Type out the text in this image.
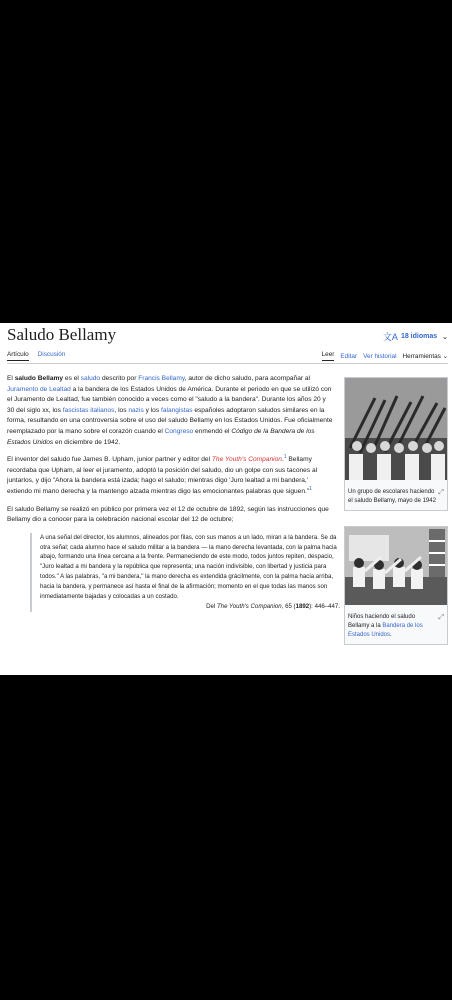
Saludo Bellamy	文A 18 idiomas ⌄
Artículo Discusión	Leer Editar Ver historial Herramientas ⌄
⤢
Un grupo de escolares haciendo el saludo Bellamy, mayo de 1942
⤢
Niños haciendo el saludo Bellamy a la Bandera de los Estados Unidos.

El saludo Bellamy es el saludo descrito por Francis Bellamy, autor de dicho saludo, para acompañar al Juramento de Lealtad a la bandera de los Estados Unidos de América. Durante el periodo en que se utilizó con el Juramento de Lealtad, fue también conocido a veces como el "saludo a la bandera". Durante los años 20 y 30 del siglo xx, los fascistas italianos, los nazis y los falangistas españoles adoptaron saludos similares en la forma, resultando en una controversia sobre el uso del saludo Bellamy en los Estados Unidos. Fue oficialmente reemplazado por la mano sobre el corazón cuando el Congreso enmendó el Código de la Bandera de los Estados Unidos en diciembre de 1942.

El inventor del saludo fue James B. Upham, junior partner y editor del The Youth's Companion.$^1$ Bellamy recordaba que Upham, al leer el juramento, adoptó la posición del saludo, dio un golpe con sus tacones al juntarlos, y dijo "Ahora la bandera está izada; hago el saludo; mientras digo 'Juro lealtad a mi bandera,' extiendo mi mano derecha y la mantengo alzada mientras digo las emocionantes palabras que siguen."$^1$

El saludo Bellamy se realizó en público por primera vez el 12 de octubre de 1892, según las instrucciones que Bellamy dio a conocer para la celebración nacional escolar del 12 de octubre;

A una señal del director, los alumnos, alineados por filas, con sus manos a un lado, miran a la bandera. Se da otra señal; cada alumno hace el saludo militar a la bandera — la mano derecha levantada, con la palma hacia abajo, formando una línea cercana a la frente. Permaneciendo de este modo, todos juntos repiten, despacio, "Juro lealtad a mi bandera y la república que representa; una nación indivisible, con libertad y justicia para todos." A las palabras, "a mi bandera," la mano derecha es extendida grácilmente, con la palma hacia arriba, hacia la bandera, y permanece así hasta el final de la afirmación; momento en el que todas las manos son inmediatamente bajadas y colocadas a un costado.
Del The Youth's Companion, 65 (1892): 446–447.
